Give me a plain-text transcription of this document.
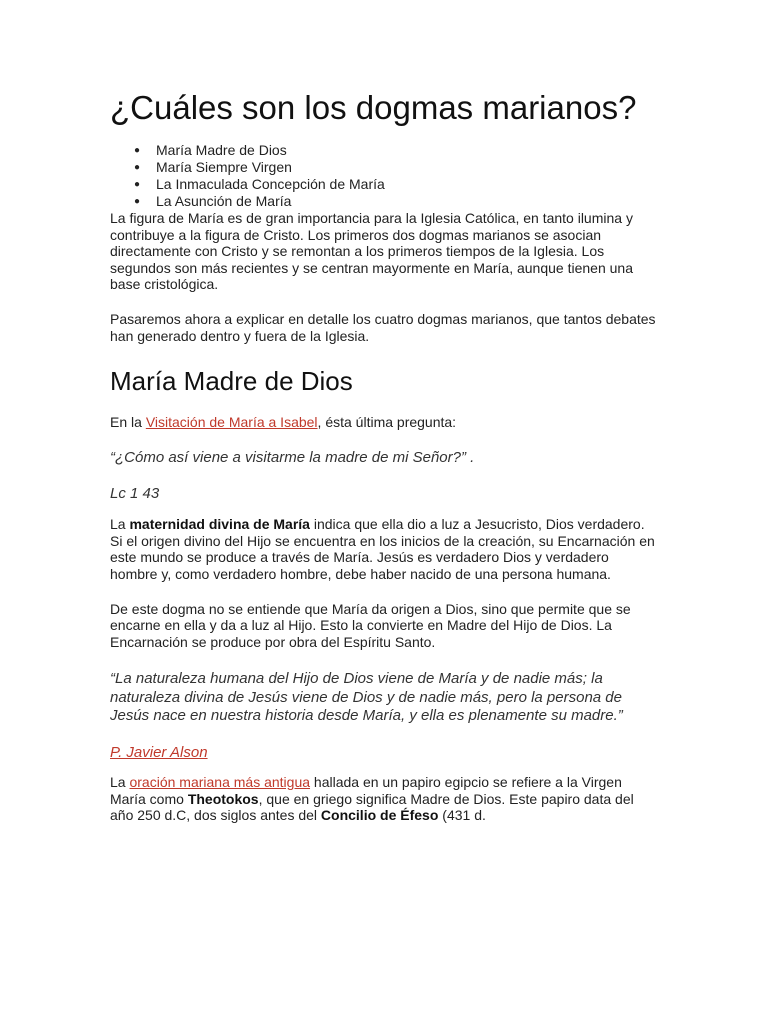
¿Cuáles son los dogmas marianos?
● María Madre de Dios
● María Siempre Virgen
● La Inmaculada Concepción de María
● La Asunción de María

La figura de María es de gran importancia para la Iglesia Católica, en tanto ilumina y contribuye a la figura de Cristo. Los primeros dos dogmas marianos se asocian directamente con Cristo y se remontan a los primeros tiempos de la Iglesia. Los segundos son más recientes y se centran mayormente en María, aunque tienen una base cristológica.

Pasaremos ahora a explicar en detalle los cuatro dogmas marianos, que tantos debates han generado dentro y fuera de la Iglesia.

María Madre de Dios

En la Visitación de María a Isabel, ésta última pregunta:

“¿Cómo así viene a visitarme la madre de mi Señor?” .

Lc 1 43

La maternidad divina de María indica que ella dio a luz a Jesucristo, Dios verdadero. Si el origen divino del Hijo se encuentra en los inicios de la creación, su Encarnación en este mundo se produce a través de María. Jesús es verdadero Dios y verdadero hombre y, como verdadero hombre, debe haber nacido de una persona humana.

De este dogma no se entiende que María da origen a Dios, sino que permite que se encarne en ella y da a luz al Hijo. Esto la convierte en Madre del Hijo de Dios. La Encarnación se produce por obra del Espíritu Santo.

“La naturaleza humana del Hijo de Dios viene de María y de nadie más; la naturaleza divina de Jesús viene de Dios y de nadie más, pero la persona de Jesús nace en nuestra historia desde María, y ella es plenamente su madre.”

P. Javier Alson

La oración mariana más antigua hallada en un papiro egipcio se refiere a la Virgen María como Theotokos, que en griego significa Madre de Dios. Este papiro data del año 250 d.C, dos siglos antes del Concilio de Éfeso (431 d.
